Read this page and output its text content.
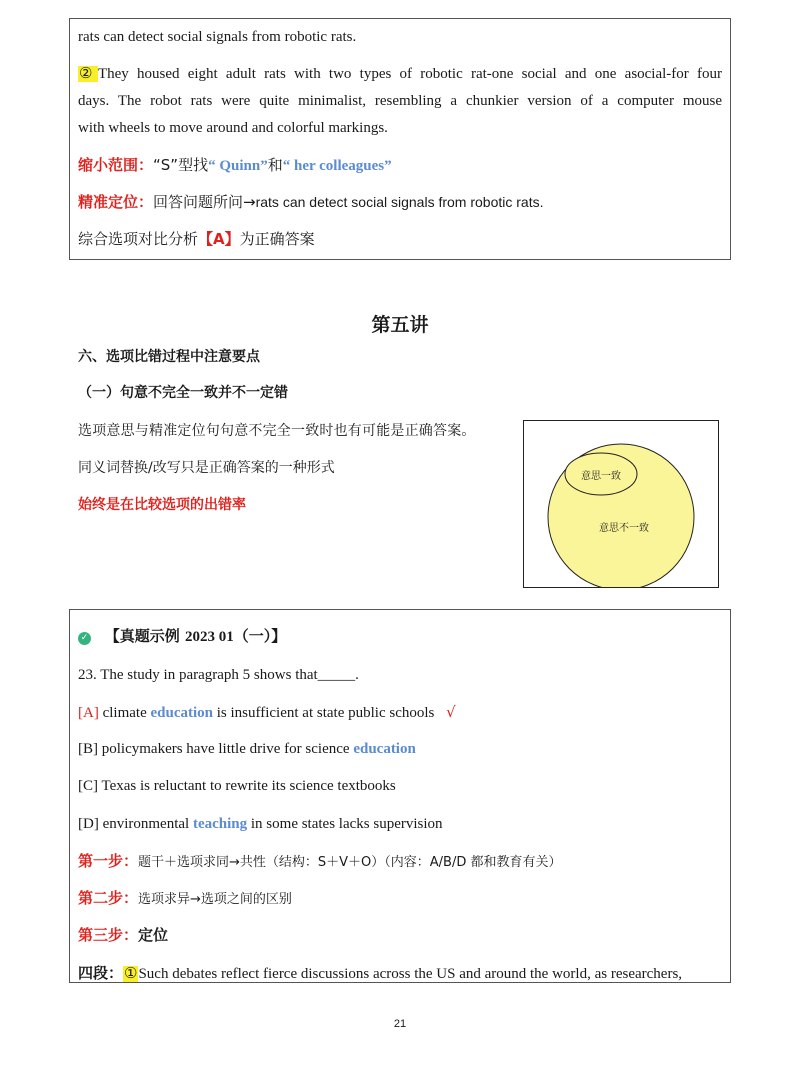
rats can detect social signals from robotic rats.
②They housed eight adult rats with two types of robotic rat-one social and one asocial-for four
days. The robot rats were quite minimalist, resembling a chunkier version of a computer mouse
with wheels to move around and colorful markings.
缩小范围：“S”型找“ Quinn”和“ her colleagues”
精准定位：回答问题所问→rats can detect social signals from robotic rats.
综合选项对比分析【A】为正确答案
第五讲
六、选项比错过程中注意要点
（一）句意不完全一致并不一定错
选项意思与精准定位句句意不完全一致时也有可能是正确答案。
同义词替换/改写只是正确答案的一种形式
始终是在比较选项的出错率
意思一致
意思不一致
✓ 【真题示例 2023 01（一）】
23. The study in paragraph 5 shows that_____.
[A] climate education is insufficient at state public schools √
[B] policymakers have little drive for science education
[C] Texas is reluctant to rewrite its science textbooks
[D] environmental teaching in some states lacks supervision
第一步：题干＋选项求同→共性（结构：S＋V＋O）（内容：A/B/D 都和教育有关）
第二步：选项求异→选项之间的区别
第三步：定位
四段：①Such debates reflect fierce discussions across the US and around the world, as researchers,
21
